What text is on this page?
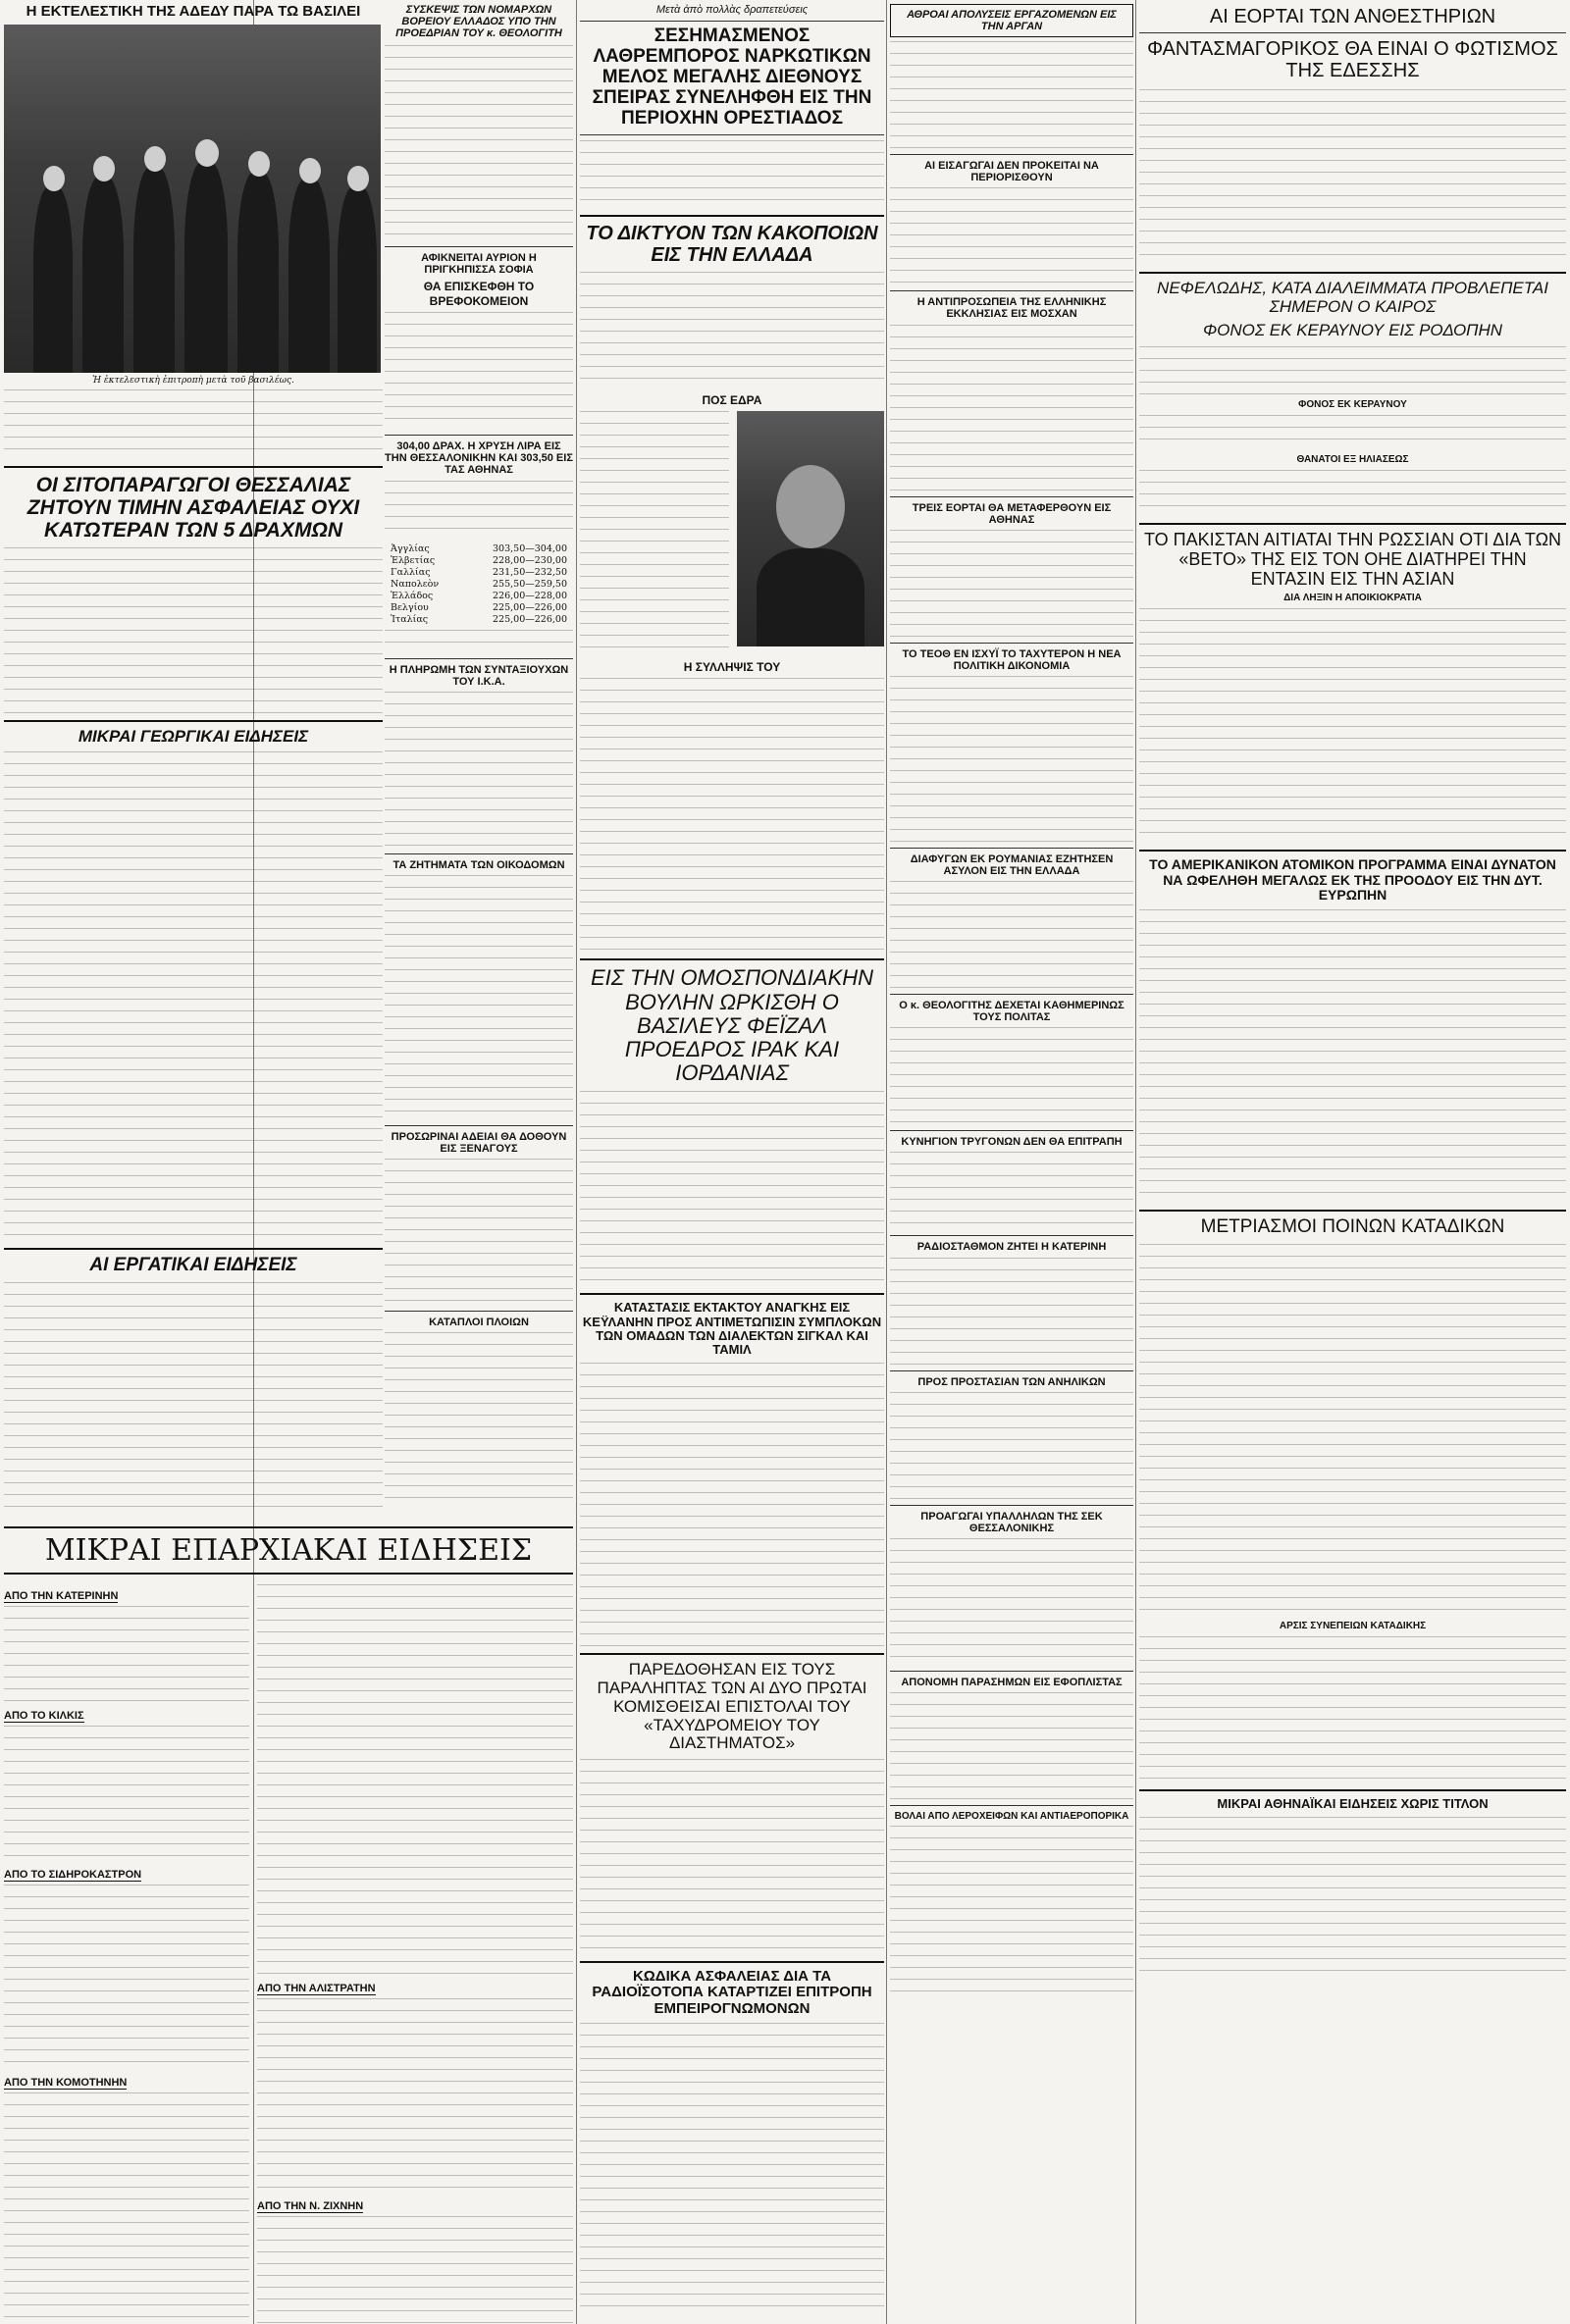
Η ΕΚΤΕΛΕΣΤΙΚΗ ΤΗΣ ΑΔΕΔΥ ΠΑΡΑ ΤΩ ΒΑΣΙΛΕΙ

Ἡ ἐκτελεστικὴ ἐπιτροπὴ μετὰ τοῦ βασιλέως.

ΟΙ ΣΙΤΟΠΑΡΑΓΩΓΟΙ ΘΕΣΣΑΛΙΑΣ ΖΗΤΟΥΝ ΤΙΜΗΝ ΑΣΦΑΛΕΙΑΣ ΟΥΧΙ ΚΑΤΩΤΕΡΑΝ ΤΩΝ 5 ΔΡΑΧΜΩΝ

ΜΙΚΡΑΙ ΓΕΩΡΓΙΚΑΙ ΕΙΔΗΣΕΙΣ

ΑΙ ΕΡΓΑΤΙΚΑΙ ΕΙΔΗΣΕΙΣ

ΜΙΚΡΑΙ ΕΠΑΡΧΙΑΚΑΙ ΕΙΔΗΣΕΙΣ

ΑΠΟ ΤΗΝ ΚΑΤΕΡΙΝΗΝ
ΑΠΟ ΤΟ ΚΙΛΚΙΣ
ΑΠΟ ΤΟ ΣΙΔΗΡΟΚΑΣΤΡΟΝ
ΑΠΟ ΤΗΝ ΚΟΜΟΤΗΝΗΝ

ΣΥΣΚΕΨΙΣ ΤΩΝ ΝΟΜΑΡΧΩΝ ΒΟΡΕΙΟΥ ΕΛΛΑΔΟΣ ΥΠΟ ΤΗΝ ΠΡΟΕΔΡΙΑΝ ΤΟΥ κ. ΘΕΟΛΟΓΙΤΗ

ΑΦΙΚΝΕΙΤΑΙ ΑΥΡΙΟΝ Η ΠΡΙΓΚΗΠΙΣΣΑ ΣΟΦΙΑ

ΘΑ ΕΠΙΣΚΕΦΘΗ ΤΟ ΒΡΕΦΟΚΟΜΕΙΟΝ

304,00 ΔΡΑΧ. Η ΧΡΥΣΗ ΛΙΡΑ ΕΙΣ ΤΗΝ ΘΕΣΣΑΛΟΝΙΚΗΝ ΚΑΙ 303,50 ΕΙΣ ΤΑΣ ΑΘΗΝΑΣ

Ἀγγλίας	303,50—304,00
Ἑλβετίας	228,00—230,00
Γαλλίας	231,50—232,50
Ναπολεὸν	255,50—259,50
Ἑλλάδος	226,00—228,00
Βελγίου	225,00—226,00
Ἰταλίας	225,00—226,00

Η ΠΛΗΡΩΜΗ ΤΩΝ ΣΥΝΤΑΞΙΟΥΧΩΝ ΤΟΥ Ι.Κ.Α.

ΤΑ ΖΗΤΗΜΑΤΑ ΤΩΝ ΟΙΚΟΔΟΜΩΝ

ΠΡΟΣΩΡΙΝΑΙ ΑΔΕΙΑΙ ΘΑ ΔΟΘΟΥΝ ΕΙΣ ΞΕΝΑΓΟΥΣ

ΚΑΤΑΠΛΟΙ ΠΛΟΙΩΝ

ΑΠΟ ΤΗΝ ΑΛΙΣΤΡΑΤΗΝ
ΑΠΟ ΤΗΝ Ν. ΖΙΧΝΗΝ

Μετὰ ἀπὸ πολλὰς δραπετεύσεις

ΣΕΣΗΜΑΣΜΕΝΟΣ ΛΑΘΡΕΜΠΟΡΟΣ ΝΑΡΚΩΤΙΚΩΝ ΜΕΛΟΣ ΜΕΓΑΛΗΣ ΔΙΕΘΝΟΥΣ ΣΠΕΙΡΑΣ ΣΥΝΕΛΗΦΘΗ ΕΙΣ ΤΗΝ ΠΕΡΙΟΧΗΝ ΟΡΕΣΤΙΑΔΟΣ

ΤΟ ΔΙΚΤΥΟΝ ΤΩΝ ΚΑΚΟΠΟΙΩΝ ΕΙΣ ΤΗΝ ΕΛΛΑΔΑ

ΠΟΣ ΕΔΡΑ

Η ΣΥΛΛΗΨΙΣ ΤΟΥ

ΕΙΣ ΤΗΝ ΟΜΟΣΠΟΝΔΙΑΚΗΝ ΒΟΥΛΗΝ ΩΡΚΙΣΘΗ Ο ΒΑΣΙΛΕΥΣ ΦΕΪΖΑΛ ΠΡΟΕΔΡΟΣ ΙΡΑΚ ΚΑΙ ΙΟΡΔΑΝΙΑΣ

ΚΑΤΑΣΤΑΣΙΣ ΕΚΤΑΚΤΟΥ ΑΝΑΓΚΗΣ ΕΙΣ ΚΕΫΛΑΝΗΝ ΠΡΟΣ ΑΝΤΙΜΕΤΩΠΙΣΙΝ ΣΥΜΠΛΟΚΩΝ ΤΩΝ ΟΜΑΔΩΝ ΤΩΝ ΔΙΑΛΕΚΤΩΝ ΣΙΓΚΑΛ ΚΑΙ ΤΑΜΙΛ

ΠΑΡΕΔΟΘΗΣΑΝ ΕΙΣ ΤΟΥΣ ΠΑΡΑΛΗΠΤΑΣ ΤΩΝ ΑΙ ΔΥΟ ΠΡΩΤΑΙ ΚΟΜΙΣΘΕΙΣΑΙ ΕΠΙΣΤΟΛΑΙ ΤΟΥ «ΤΑΧΥΔΡΟΜΕΙΟΥ ΤΟΥ ΔΙΑΣΤΗΜΑΤΟΣ»

ΚΩΔΙΚΑ ΑΣΦΑΛΕΙΑΣ ΔΙΑ ΤΑ ΡΑΔΙΟΪΣΟΤΟΠΑ ΚΑΤΑΡΤΙΖΕΙ ΕΠΙΤΡΟΠΗ ΕΜΠΕΙΡΟΓΝΩΜΟΝΩΝ

ΑΘΡΟΑΙ ΑΠΟΛΥΣΕΙΣ ΕΡΓΑΖΟΜΕΝΩΝ ΕΙΣ ΤΗΝ ΑΡΓΑΝ

ΑΙ ΕΙΣΑΓΩΓΑΙ ΔΕΝ ΠΡΟΚΕΙΤΑΙ ΝΑ ΠΕΡΙΟΡΙΣΘΟΥΝ

Η ΑΝΤΙΠΡΟΣΩΠΕΙΑ ΤΗΣ ΕΛΛΗΝΙΚΗΣ ΕΚΚΛΗΣΙΑΣ ΕΙΣ ΜΟΣΧΑΝ

ΤΡΕΙΣ ΕΟΡΤΑΙ ΘΑ ΜΕΤΑΦΕΡΘΟΥΝ ΕΙΣ ΑΘΗΝΑΣ

ΤΟ ΤΕΟΘ ΕΝ ΙΣΧΥΪ ΤΟ ΤΑΧΥΤΕΡΟΝ Η ΝΕΑ ΠΟΛΙΤΙΚΗ ΔΙΚΟΝΟΜΙΑ

ΔΙΑΦΥΓΩΝ ΕΚ ΡΟΥΜΑΝΙΑΣ ΕΖΗΤΗΣΕΝ ΑΣΥΛΟΝ ΕΙΣ ΤΗΝ ΕΛΛΑΔΑ

Ο κ. ΘΕΟΛΟΓΙΤΗΣ ΔΕΧΕΤΑΙ ΚΑΘΗΜΕΡΙΝΩΣ ΤΟΥΣ ΠΟΛΙΤΑΣ

ΚΥΝΗΓΙΟΝ ΤΡΥΓΟΝΩΝ ΔΕΝ ΘΑ ΕΠΙΤΡΑΠΗ

ΡΑΔΙΟΣΤΑΘΜΟΝ ΖΗΤΕΙ Η ΚΑΤΕΡΙΝΗ

ΠΡΟΣ ΠΡΟΣΤΑΣΙΑΝ ΤΩΝ ΑΝΗΛΙΚΩΝ

ΠΡΟΑΓΩΓΑΙ ΥΠΑΛΛΗΛΩΝ ΤΗΣ ΣΕΚ ΘΕΣΣΑΛΟΝΙΚΗΣ

ΑΠΟΝΟΜΗ ΠΑΡΑΣΗΜΩΝ ΕΙΣ ΕΦΟΠΛΙΣΤΑΣ

ΒΟΛΑΙ ΑΠΟ ΛΕΡΟΧΕΙΦΩΝ ΚΑΙ ΑΝΤΙΑΕΡΟΠΟΡΙΚΑ

ΑΙ ΕΟΡΤΑΙ ΤΩΝ ΑΝΘΕΣΤΗΡΙΩΝ

ΦΑΝΤΑΣΜΑΓΟΡΙΚΟΣ ΘΑ ΕΙΝΑΙ Ο ΦΩΤΙΣΜΟΣ ΤΗΣ ΕΔΕΣΣΗΣ

ΝΕΦΕΛΩΔΗΣ, ΚΑΤΑ ΔΙΑΛΕΙΜΜΑΤΑ ΠΡΟΒΛΕΠΕΤΑΙ ΣΗΜΕΡΟΝ Ο ΚΑΙΡΟΣ

ΦΟΝΟΣ ΕΚ ΚΕΡΑΥΝΟΥ ΕΙΣ ΡΟΔΟΠΗΝ

ΦΟΝΟΣ ΕΚ ΚΕΡΑΥΝΟΥ

ΘΑΝΑΤΟΙ ΕΞ ΗΛΙΑΣΕΩΣ

ΤΟ ΠΑΚΙΣΤΑΝ ΑΙΤΙΑΤΑΙ ΤΗΝ ΡΩΣΣΙΑΝ ΟΤΙ ΔΙΑ ΤΩΝ «ΒΕΤΟ» ΤΗΣ ΕΙΣ ΤΟΝ ΟΗΕ ΔΙΑΤΗΡΕΙ ΤΗΝ ΕΝΤΑΣΙΝ ΕΙΣ ΤΗΝ ΑΣΙΑΝ

ΔΙΑ ΛΗΞΙΝ Η ΑΠΟΙΚΙΟΚΡΑΤΙΑ

ΤΟ ΑΜΕΡΙΚΑΝΙΚΟΝ ΑΤΟΜΙΚΟΝ ΠΡΟΓΡΑΜΜΑ ΕΙΝΑΙ ΔΥΝΑΤΟΝ ΝΑ ΩΦΕΛΗΘΗ ΜΕΓΑΛΩΣ ΕΚ ΤΗΣ ΠΡΟΟΔΟΥ ΕΙΣ ΤΗΝ ΔΥΤ. ΕΥΡΩΠΗΝ

ΜΕΤΡΙΑΣΜΟΙ ΠΟΙΝΩΝ ΚΑΤΑΔΙΚΩΝ

ΑΡΣΙΣ ΣΥΝΕΠΕΙΩΝ ΚΑΤΑΔΙΚΗΣ

ΜΙΚΡΑΙ ΑΘΗΝΑΪΚΑΙ ΕΙΔΗΣΕΙΣ ΧΩΡΙΣ ΤΙΤΛΟΝ
